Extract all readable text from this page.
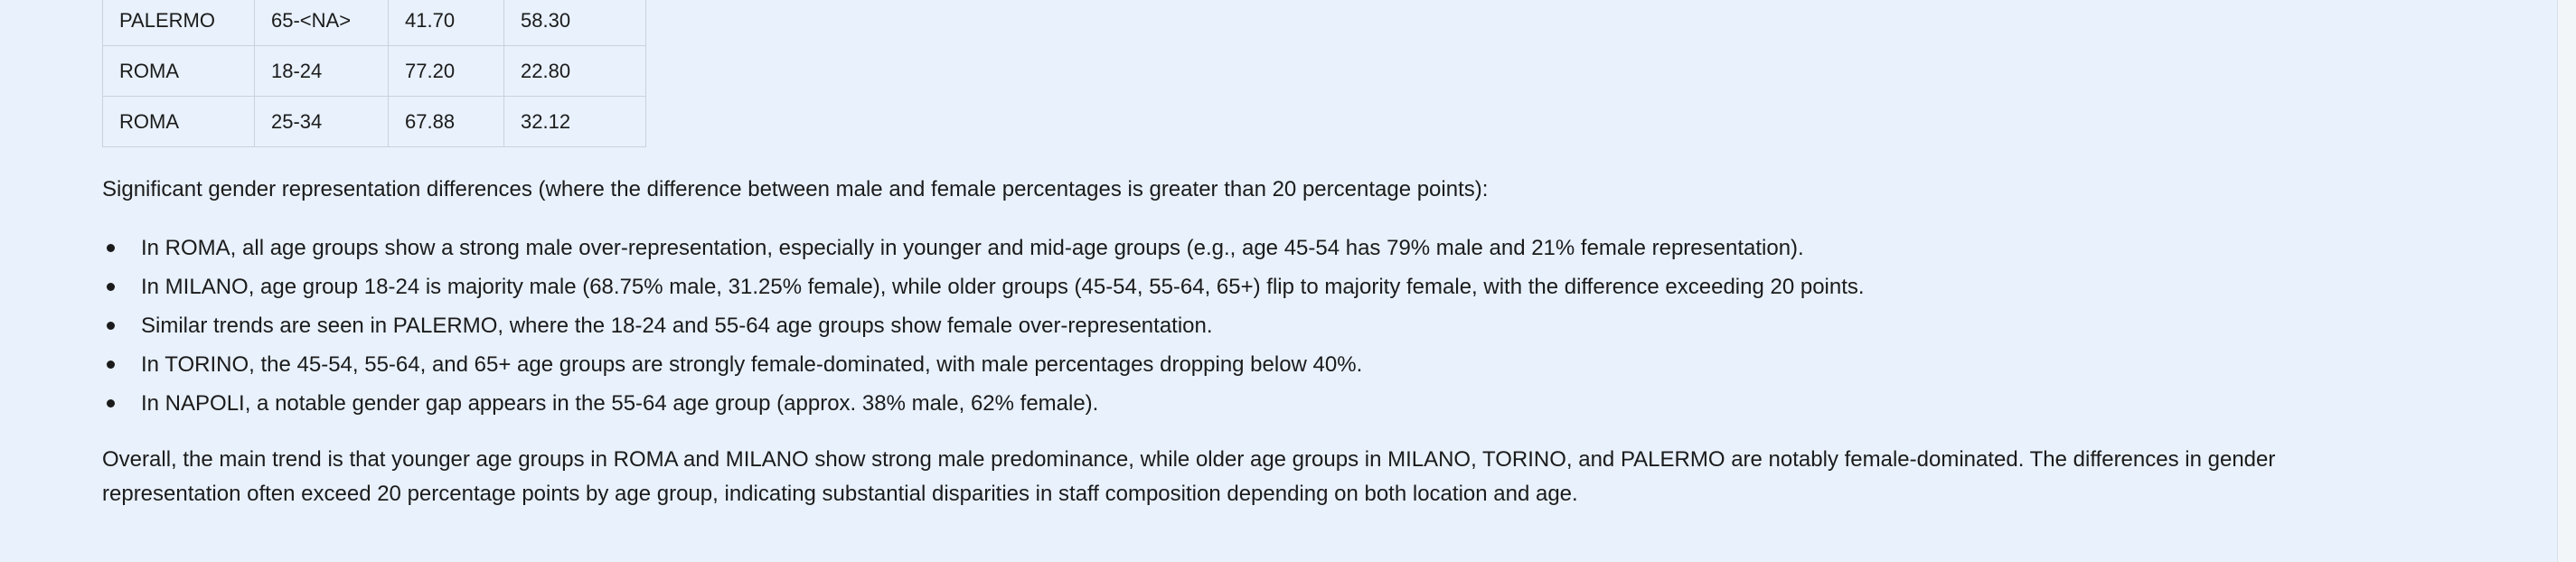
PALERMO	65-<NA>	41.70	58.30
ROMA	18-24	77.20	22.80
ROMA	25-34	67.88	32.12

Significant gender representation differences (where the difference between male and female percentages is greater than 20 percentage points):

In ROMA, all age groups show a strong male over-representation, especially in younger and mid-age groups (e.g., age 45-54 has 79% male and 21% female representation).
In MILANO, age group 18-24 is majority male (68.75% male, 31.25% female), while older groups (45-54, 55-64, 65+) flip to majority female, with the difference exceeding 20 points.
Similar trends are seen in PALERMO, where the 18-24 and 55-64 age groups show female over-representation.
In TORINO, the 45-54, 55-64, and 65+ age groups are strongly female-dominated, with male percentages dropping below 40%.
In NAPOLI, a notable gender gap appears in the 55-64 age group (approx. 38% male, 62% female).

Overall, the main trend is that younger age groups in ROMA and MILANO show strong male predominance, while older age groups in MILANO, TORINO, and PALERMO are notably female-dominated. The differences in gender representation often exceed 20 percentage points by age group, indicating substantial disparities in staff composition depending on both location and age.
